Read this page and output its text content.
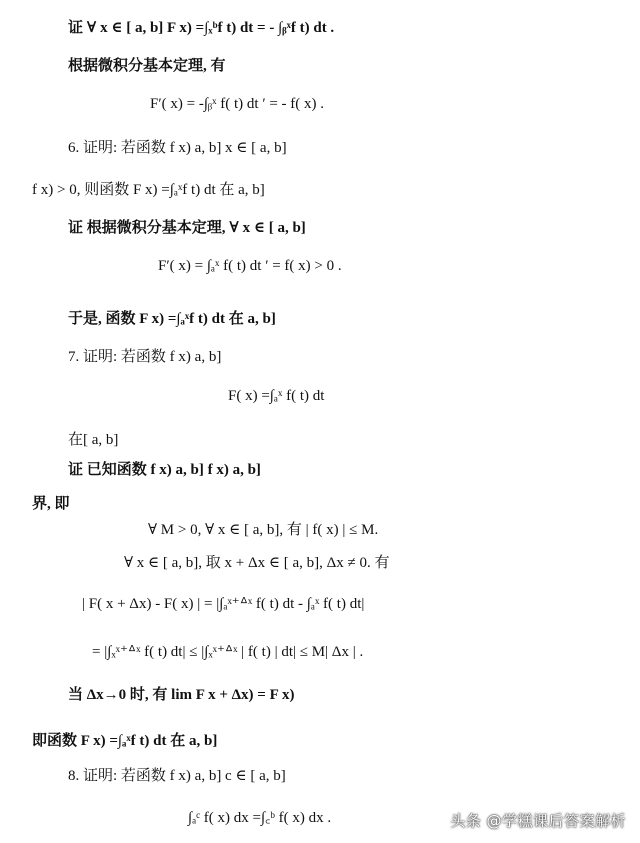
证 ∀ x ∈ [ a, b] F x) =∫ₓᵇf t) dt = - ∫ᵦˣf t) dt .
根据微积分基本定理, 有
F′( x) = -∫ᵦˣ f( t) dt ′ = - f( x) .
6. 证明: 若函数 f x) a, b] x ∈ [ a, b]
f x) > 0, 则函数 F x) =∫ₐˣf t) dt 在 a, b]
证 根据微积分基本定理, ∀ x ∈ [ a, b]
F′( x) = ∫ₐˣ f( t) dt ′ = f( x) > 0 .
于是, 函数 F x) =∫ₐˣf t) dt 在 a, b]
7. 证明: 若函数 f x) a, b]
F( x) =∫ₐˣ f( t) dt
在[ a, b]
证 已知函数 f x) a, b] f x) a, b]
界, 即
∀ M > 0, ∀ x ∈ [ a, b], 有 | f( x) | ≤ M.
∀ x ∈ [ a, b], 取 x + Δx ∈ [ a, b], Δx ≠ 0. 有
| F( x + Δx) - F( x) | = |∫ₐˣ⁺ᐞˣ f( t) dt - ∫ₐˣ f( t) dt|
= |∫ₓˣ⁺ᐞˣ f( t) dt| ≤ |∫ₓˣ⁺ᐞˣ | f( t) | dt| ≤ M| Δx | .
当 Δx→0 时, 有 lim F x + Δx) = F x)
即函数 F x) =∫ₐˣf t) dt 在 a, b]
8. 证明: 若函数 f x) a, b] c ∈ [ a, b]
∫ₐᶜ f( x) dx =∫꜀ᵇ f( x) dx .	头条 @学糕课后答案解析
